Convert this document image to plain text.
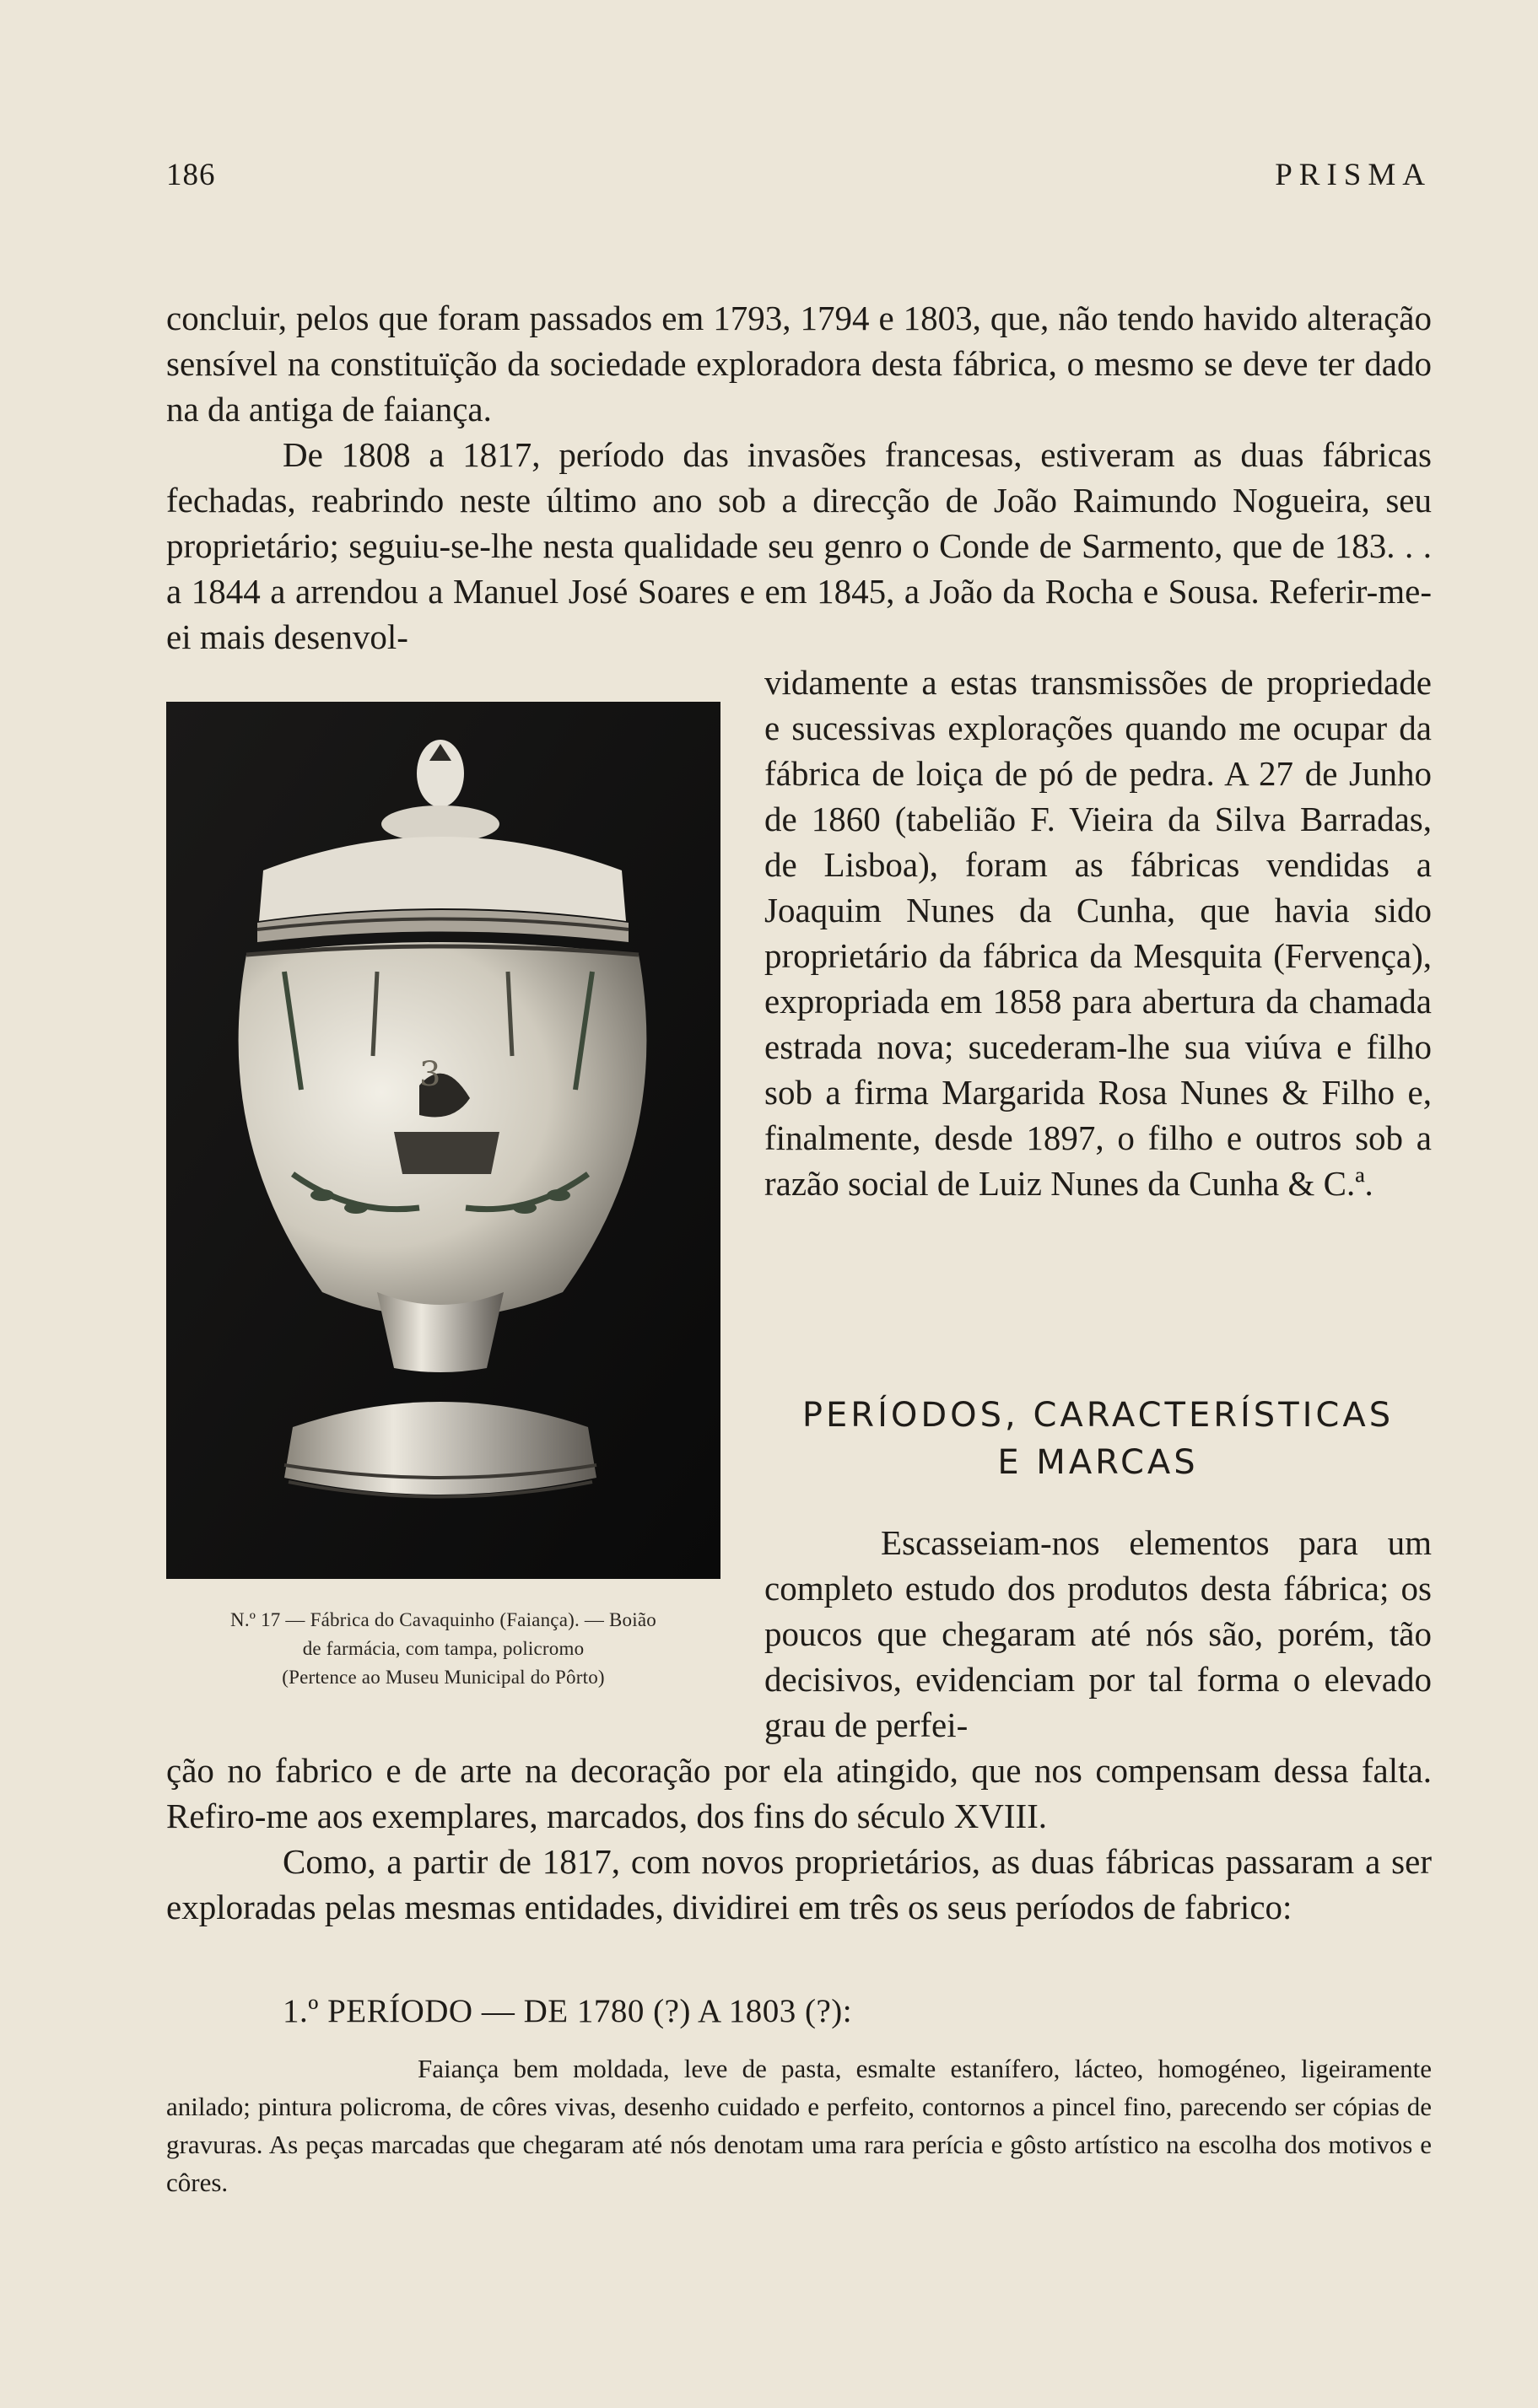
186	PRISMA

concluir, pelos que foram passados em 1793, 1794 e 1803, que, não tendo havido alteração sensível na constituïção da sociedade exploradora desta fábrica, o mesmo se deve ter dado na da antiga de faiança.

De 1808 a 1817, período das invasões francesas, estiveram as duas fábricas fechadas, reabrindo neste último ano sob a direcção de João Raimundo Nogueira, seu proprietário; seguiu-se-lhe nesta qualidade seu genro o Conde de Sarmento, que de 183. . . a 1844 a arrendou a Manuel José Soares e em 1845, a João da Rocha e Sousa. Referir-me-ei mais desenvol-

3
N.º 17 — Fábrica do Cavaquinho (Faiança). — Boião
de farmácia, com tampa, policromo
(Pertence ao Museu Municipal do Pôrto)

vidamente a estas transmissões de propriedade e sucessivas explorações quando me ocupar da fábrica de loiça de pó de pedra. A 27 de Junho de 1860 (tabelião F. Vieira da Silva Barradas, de Lisboa), foram as fábricas vendidas a Joaquim Nunes da Cunha, que havia sido proprietário da fábrica da Mesquita (Fervença), expropriada em 1858 para abertura da chamada estrada nova; sucederam-lhe sua viúva e filho sob a firma Margarida Rosa Nunes & Filho e, finalmente, desde 1897, o filho e outros sob a razão social de Luiz Nunes da Cunha & C.ª.

PERÍODOS, CARACTERÍSTICAS
E MARCAS

Escasseiam-nos elementos para um completo estudo dos produtos desta fábrica; os poucos que chegaram até nós são, porém, tão decisivos, evidenciam por tal forma o elevado grau de perfei-

ção no fabrico e de arte na decoração por ela atingido, que nos compensam dessa falta. Refiro-me aos exemplares, marcados, dos fins do século XVIII.

Como, a partir de 1817, com novos proprietários, as duas fábricas passaram a ser exploradas pelas mesmas entidades, dividirei em três os seus períodos de fabrico:

1.º PERÍODO — DE 1780 (?) A 1803 (?):

Faiança bem moldada, leve de pasta, esmalte estanífero, lácteo, homogéneo, ligeiramente anilado; pintura policroma, de côres vivas, desenho cuidado e perfeito, contornos a pincel fino, parecendo ser cópias de gravuras. As peças marcadas que chegaram até nós denotam uma rara perícia e gôsto artístico na escolha dos motivos e côres.
